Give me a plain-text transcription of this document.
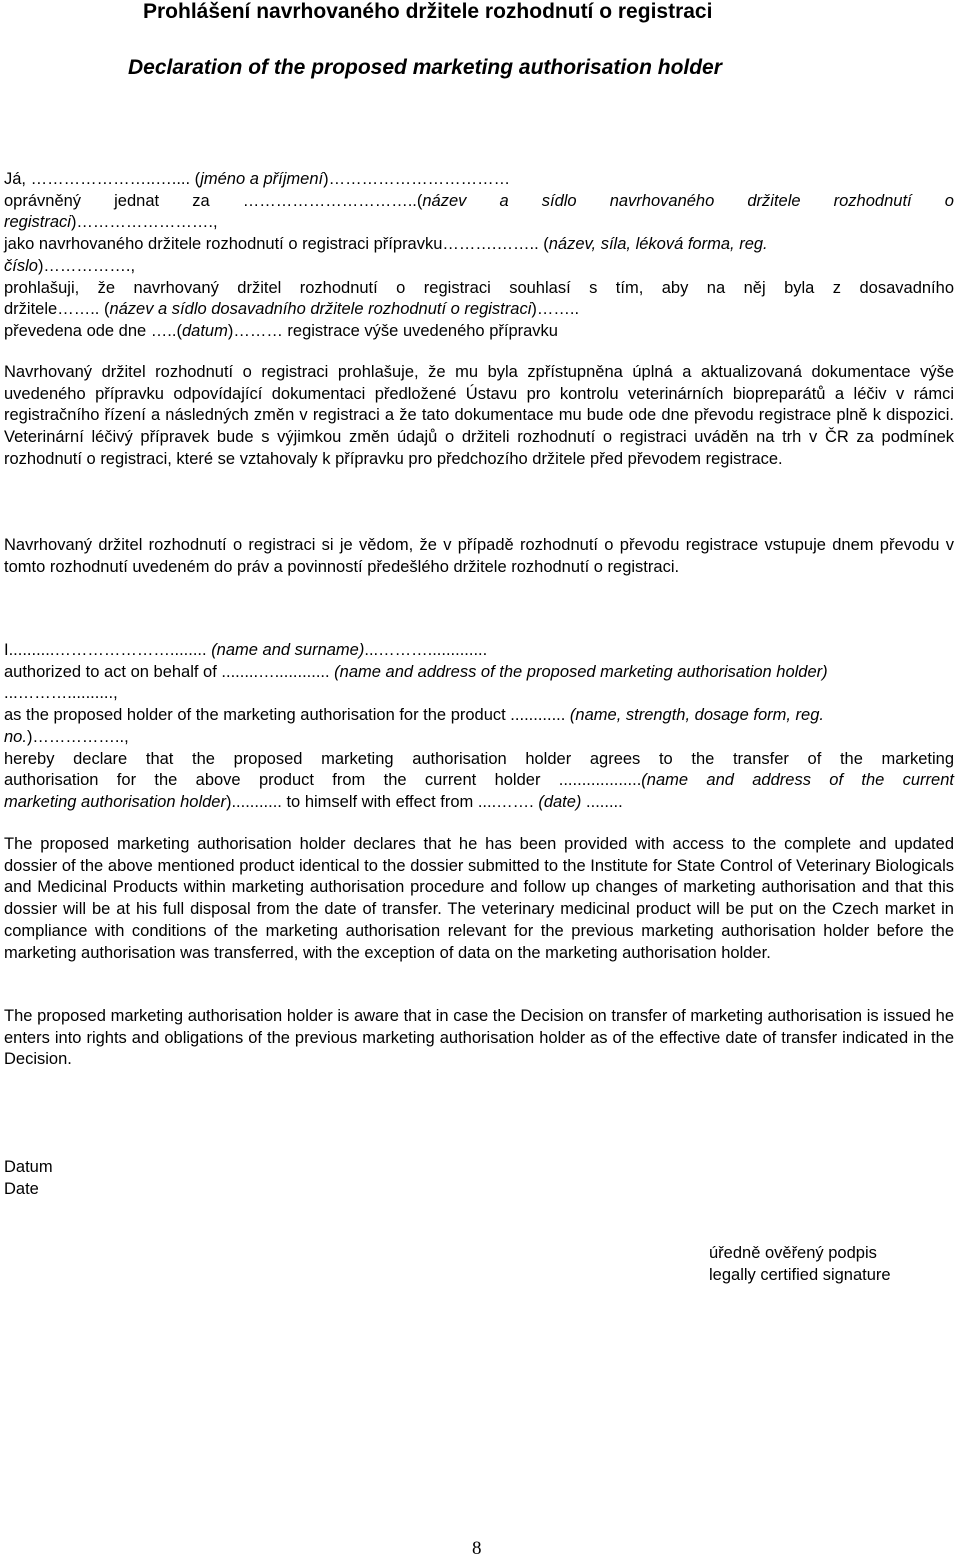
Prohlášení navrhovaného držitele rozhodnutí o registraci
Declaration of the proposed marketing authorisation holder

Já, …………………..….... (jméno a příjmení)……………………………

oprávněný jednat za …………………………..(název a sídlo navrhovaného držitele rozhodnutí o

registraci)…………………….,

jako navrhovaného držitele rozhodnutí o registraci přípravku……….…….. (název, síla, léková forma, reg.

číslo)…………….,

prohlašuji, že navrhovaný držitel rozhodnutí o registraci souhlasí s tím, aby na něj byla z dosavadního

držitele…….. (název a sídlo dosavadního držitele rozhodnutí o registraci)……..

převedena ode dne …..(datum)……… registrace výše uvedeného přípravku

Navrhovaný držitel rozhodnutí o registraci prohlašuje, že mu byla zpřístupněna úplná a aktualizovaná dokumentace výše uvedeného přípravku odpovídající dokumentaci předložené Ústavu pro kontrolu veterinárních biopreparátů a léčiv v rámci registračního řízení a následných změn v registraci a že tato dokumentace mu bude ode dne převodu registrace plně k dispozici. Veterinární léčivý přípravek bude s výjimkou změn údajů o držiteli rozhodnutí o registraci uváděn na trh v ČR za podmínek rozhodnutí o registraci, které se vztahovaly k přípravku pro předchozího držitele před převodem registrace.

Navrhovaný držitel rozhodnutí o registraci si je vědom, že v případě rozhodnutí o převodu registrace vstupuje dnem převodu v tomto rozhodnutí uvedeném do práv a povinností předešlého držitele rozhodnutí o registraci.

I..........…………………........ (name and surname)...……….............

authorized to act on behalf of ........…............ (name and address of the proposed marketing authorisation holder)

...………..........,

as the proposed holder of the marketing authorisation for the product ............ (name, strength, dosage form, reg.

no.)……………..,

hereby declare that the proposed marketing authorisation holder agrees to the transfer of the marketing

authorisation for the above product from the current holder ..................(name and address of the current

marketing authorisation holder)........... to himself with effect from ....……. (date) ........

The proposed marketing authorisation holder declares that he has been provided with access to the complete and updated dossier of the above mentioned product identical to the dossier submitted to the Institute for State Control of Veterinary Biologicals and Medicinal Products within marketing authorisation procedure and follow up changes of marketing authorisation and that this dossier will be at his full disposal from the date of transfer. The veterinary medicinal product will be put on the Czech market in compliance with conditions of the marketing authorisation relevant for the previous marketing authorisation holder before the marketing authorisation was transferred, with the exception of data on the marketing authorisation holder.

The proposed marketing authorisation holder is aware that in case the Decision on transfer of marketing authorisation is issued he enters into rights and obligations of the previous marketing authorisation holder as of the effective date of transfer indicated in the Decision.

Datum
Date
úředně ověřený podpis
legally certified signature
8
